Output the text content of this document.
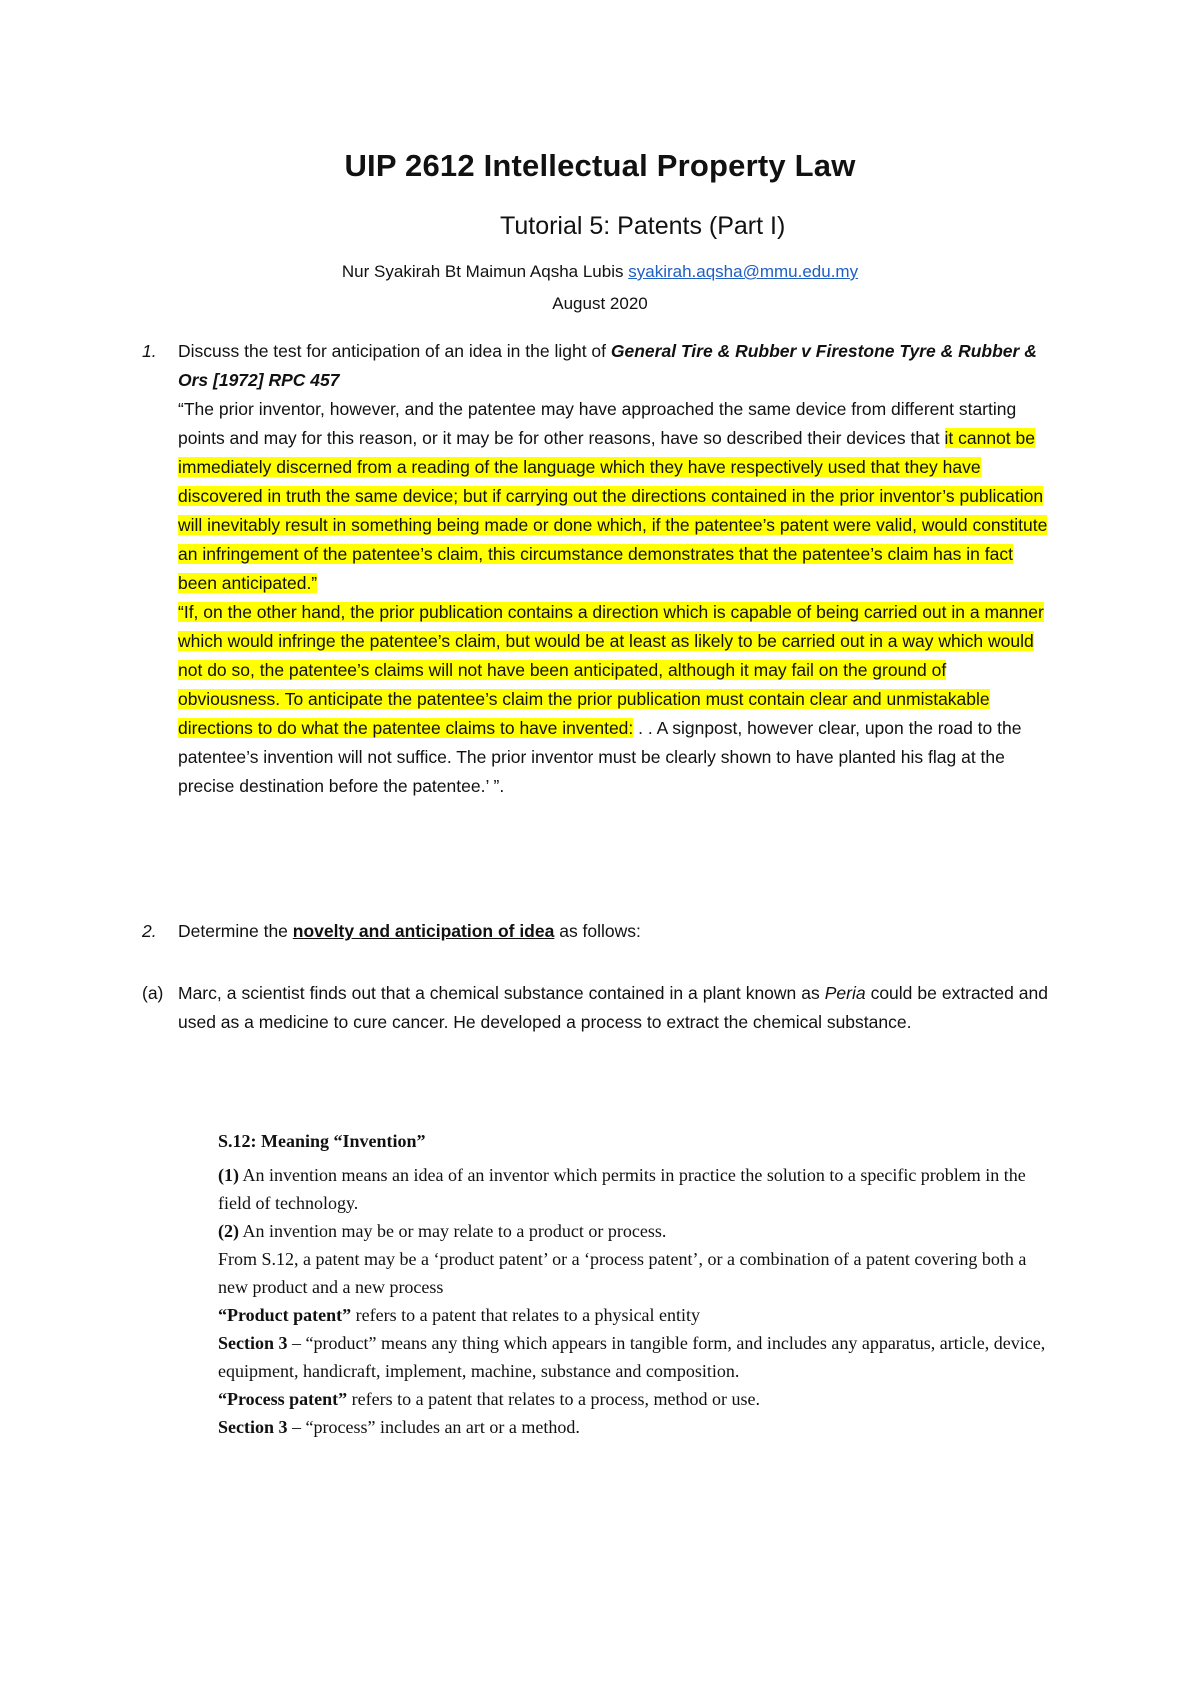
UIP 2612 Intellectual Property Law
Tutorial 5: Patents (Part I)
Nur Syakirah Bt Maimun Aqsha Lubis syakirah.aqsha@mmu.edu.my
August 2020
1. Discuss the test for anticipation of an idea in the light of General Tire & Rubber v Firestone Tyre & Rubber & Ors [1972] RPC 457
“The prior inventor, however, and the patentee may have approached the same device from different starting points and may for this reason, or it may be for other reasons, have so described their devices that it cannot be immediately discerned from a reading of the language which they have respectively used that they have discovered in truth the same device; but if carrying out the directions contained in the prior inventor’s publication will inevitably result in something being made or done which, if the patentee’s patent were valid, would constitute an infringement of the patentee’s claim, this circumstance demonstrates that the patentee’s claim has in fact been anticipated.”
“If, on the other hand, the prior publication contains a direction which is capable of being carried out in a manner which would infringe the patentee’s claim, but would be at least as likely to be carried out in a way which would not do so, the patentee’s claims will not have been anticipated, although it may fail on the ground of obviousness. To anticipate the patentee’s claim the prior publication must contain clear and unmistakable directions to do what the patentee claims to have invented: . . A signpost, however clear, upon the road to the patentee’s invention will not suffice. The prior inventor must be clearly shown to have planted his flag at the precise destination before the patentee.’ ”.
2. Determine the novelty and anticipation of idea as follows:
(a) Marc, a scientist finds out that a chemical substance contained in a plant known as Peria could be extracted and used as a medicine to cure cancer. He developed a process to extract the chemical substance.

S.12: Meaning “Invention”

(1) An invention means an idea of an inventor which permits in practice the solution to a specific problem in the field of technology.

(2) An invention may be or may relate to a product or process.

From S.12, a patent may be a ‘product patent’ or a ‘process patent’, or a combination of a patent covering both a new product and a new process

“Product patent” refers to a patent that relates to a physical entity

Section 3 – “product” means any thing which appears in tangible form, and includes any apparatus, article, device, equipment, handicraft, implement, machine, substance and composition.

“Process patent” refers to a patent that relates to a process, method or use.

Section 3 – “process” includes an art or a method.
